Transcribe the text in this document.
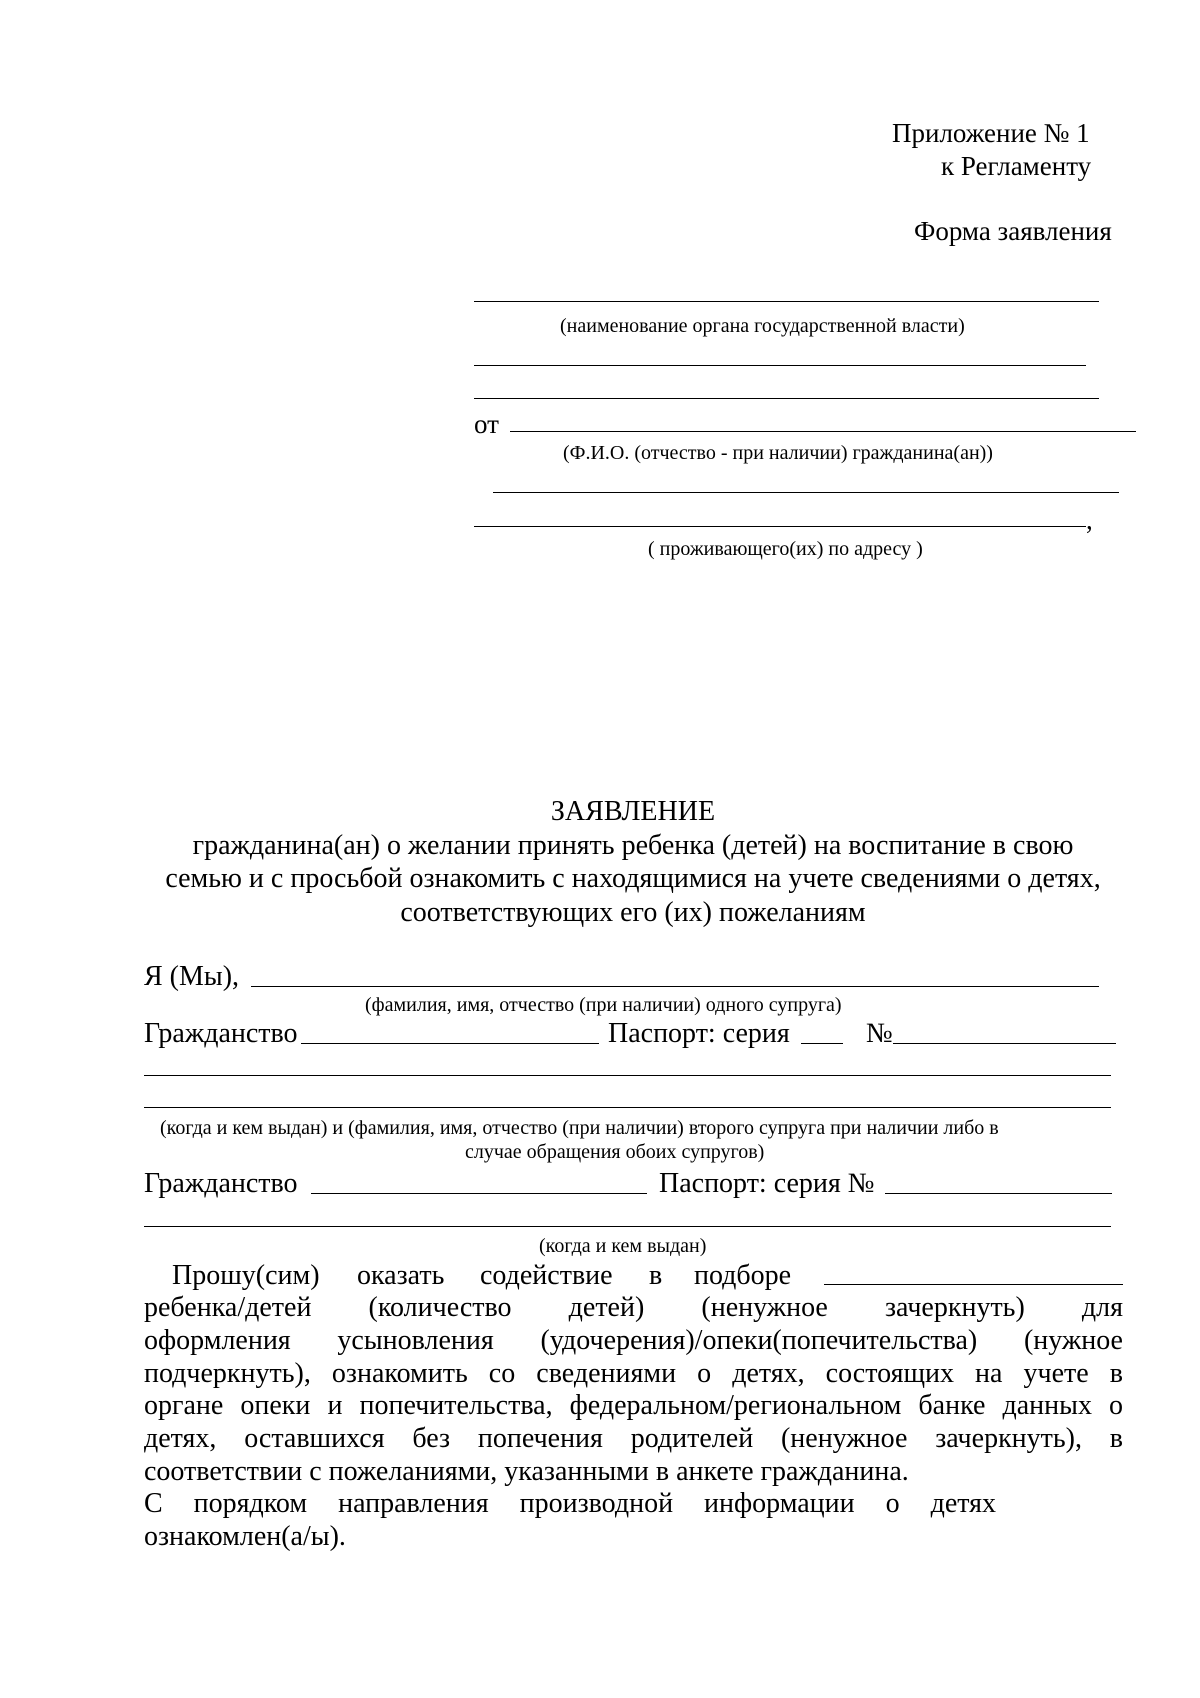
Приложение № 1
к Регламенту
Форма заявления
(наименование органа государственной власти)
от
(Ф.И.О. (отчество - при наличии) гражданина(ан))
,
( проживающего(их) по адресу )
ЗАЯВЛЕНИЕ
гражданина(ан) о желании принять ребенка (детей) на воспитание в свою
семью и с просьбой ознакомить с находящимися на учете сведениями о детях,
соответствующих его (их) пожеланиям
Я (Мы),
(фамилия, имя, отчество (при наличии) одного супруга)
Гражданство	Паспорт: серия	№
(когда и кем выдан) и (фамилия, имя, отчество (при наличии) второго супруга при наличии либо в
случае обращения обоих супругов)
Гражданство	Паспорт: серия №
(когда и кем выдан)
Прошу(сим) оказать содействие в подборе
ребенка/детей (количество детей) (ненужное зачеркнуть) для
оформления усыновления (удочерения)/опеки(попечительства) (нужное
подчеркнуть), ознакомить со сведениями о детях, состоящих на учете в
органе опеки и попечительства, федеральном/региональном банке данных о
детях, оставшихся без попечения родителей (ненужное зачеркнуть), в
соответствии с пожеланиями, указанными в анкете гражданина.
С порядком направления производной информации о детях
ознакомлен(а/ы).
